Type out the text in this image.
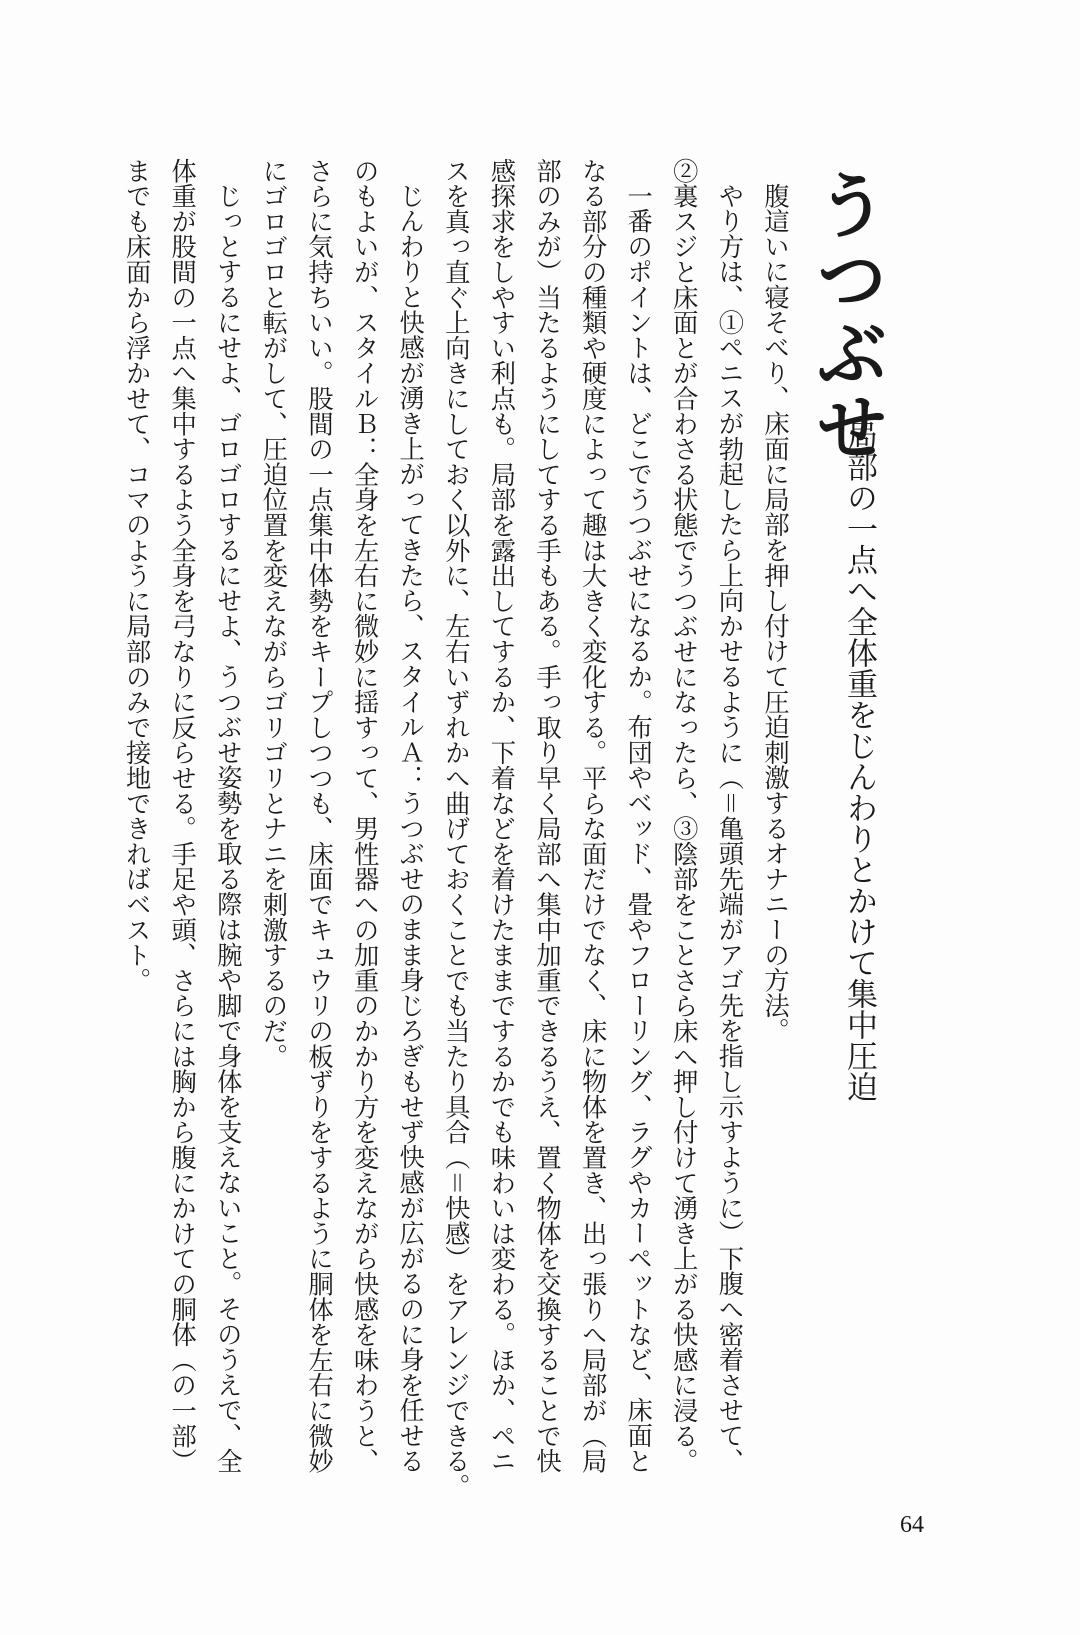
うつぶせ
局部の一点へ全体重をじんわりとかけて集中圧迫
腹這いに寝そべり、床面に局部を押し付けて圧迫刺激するオナニーの方法。
やり方は、①ペニスが勃起したら上向かせるように（＝亀頭先端がアゴ先を指し示すように）下腹へ密着させて、
②裏スジと床面とが合わさる状態でうつぶせになったら、③陰部をことさら床へ押し付けて湧き上がる快感に浸る。
一番のポイントは、どこでうつぶせになるか。布団やベッド、畳やフローリング、ラグやカーペットなど、床面と
なる部分の種類や硬度によって趣は大きく変化する。平らな面だけでなく、床に物体を置き、出っ張りへ局部が（局
部のみが）当たるようにしてする手もある。手っ取り早く局部へ集中加重できるうえ、置く物体を交換することで快
感探求をしやすい利点も。局部を露出してするか、下着などを着けたままでするかでも味わいは変わる。ほか、ペニ
スを真っ直ぐ上向きにしておく以外に、左右いずれかへ曲げておくことでも当たり具合（＝快感）をアレンジできる。
じんわりと快感が湧き上がってきたら、スタイルＡ：うつぶせのまま身じろぎもせず快感が広がるのに身を任せる
のもよいが、スタイルＢ：全身を左右に微妙に揺すって、男性器への加重のかかり方を変えながら快感を味わうと、
さらに気持ちいい。股間の一点集中体勢をキープしつつも、床面でキュウリの板ずりをするように胴体を左右に微妙
にゴロゴロと転がして、圧迫位置を変えながらゴリゴリとナニを刺激するのだ。
じっとするにせよ、ゴロゴロするにせよ、うつぶせ姿勢を取る際は腕や脚で身体を支えないこと。そのうえで、全
体重が股間の一点へ集中するよう全身を弓なりに反らせる。手足や頭、さらには胸から腹にかけての胴体（の一部）
までも床面から浮かせて、コマのように局部のみで接地できればベスト。
64
